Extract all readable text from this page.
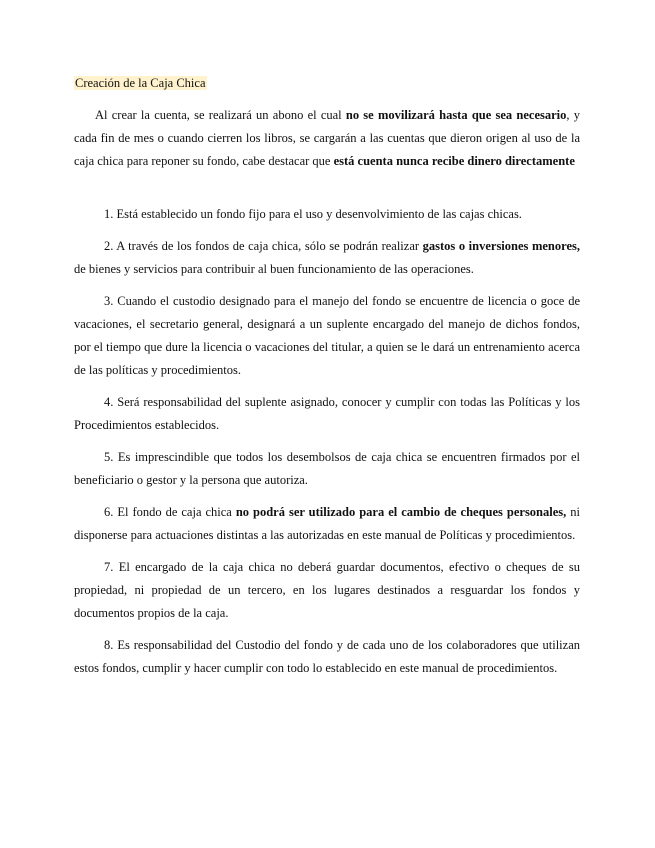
Creación de la Caja Chica

Al crear la cuenta, se realizará un abono el cual no se movilizará hasta que sea necesario, y cada fin de mes o cuando cierren los libros, se cargarán a las cuentas que dieron origen al uso de la caja chica para reponer su fondo, cabe destacar que está cuenta nunca recibe dinero directamente

1. Está establecido un fondo fijo para el uso y desenvolvimiento de las cajas chicas.
2. A través de los fondos de caja chica, sólo se podrán realizar gastos o inversiones menores, de bienes y servicios para contribuir al buen funcionamiento de las operaciones.
3. Cuando el custodio designado para el manejo del fondo se encuentre de licencia o goce de vacaciones, el secretario general, designará a un suplente encargado del manejo de dichos fondos, por el tiempo que dure la licencia o vacaciones del titular, a quien se le dará un entrenamiento acerca de las políticas y procedimientos.
4. Será responsabilidad del suplente asignado, conocer y cumplir con todas las Políticas y los Procedimientos establecidos.
5. Es imprescindible que todos los desembolsos de caja chica se encuentren firmados por el beneficiario o gestor y la persona que autoriza.
6. El fondo de caja chica no podrá ser utilizado para el cambio de cheques personales, ni disponerse para actuaciones distintas a las autorizadas en este manual de Políticas y procedimientos.
7. El encargado de la caja chica no deberá guardar documentos, efectivo o cheques de su propiedad, ni propiedad de un tercero, en los lugares destinados a resguardar los fondos y documentos propios de la caja.
8. Es responsabilidad del Custodio del fondo y de cada uno de los colaboradores que utilizan estos fondos, cumplir y hacer cumplir con todo lo establecido en este manual de procedimientos.
